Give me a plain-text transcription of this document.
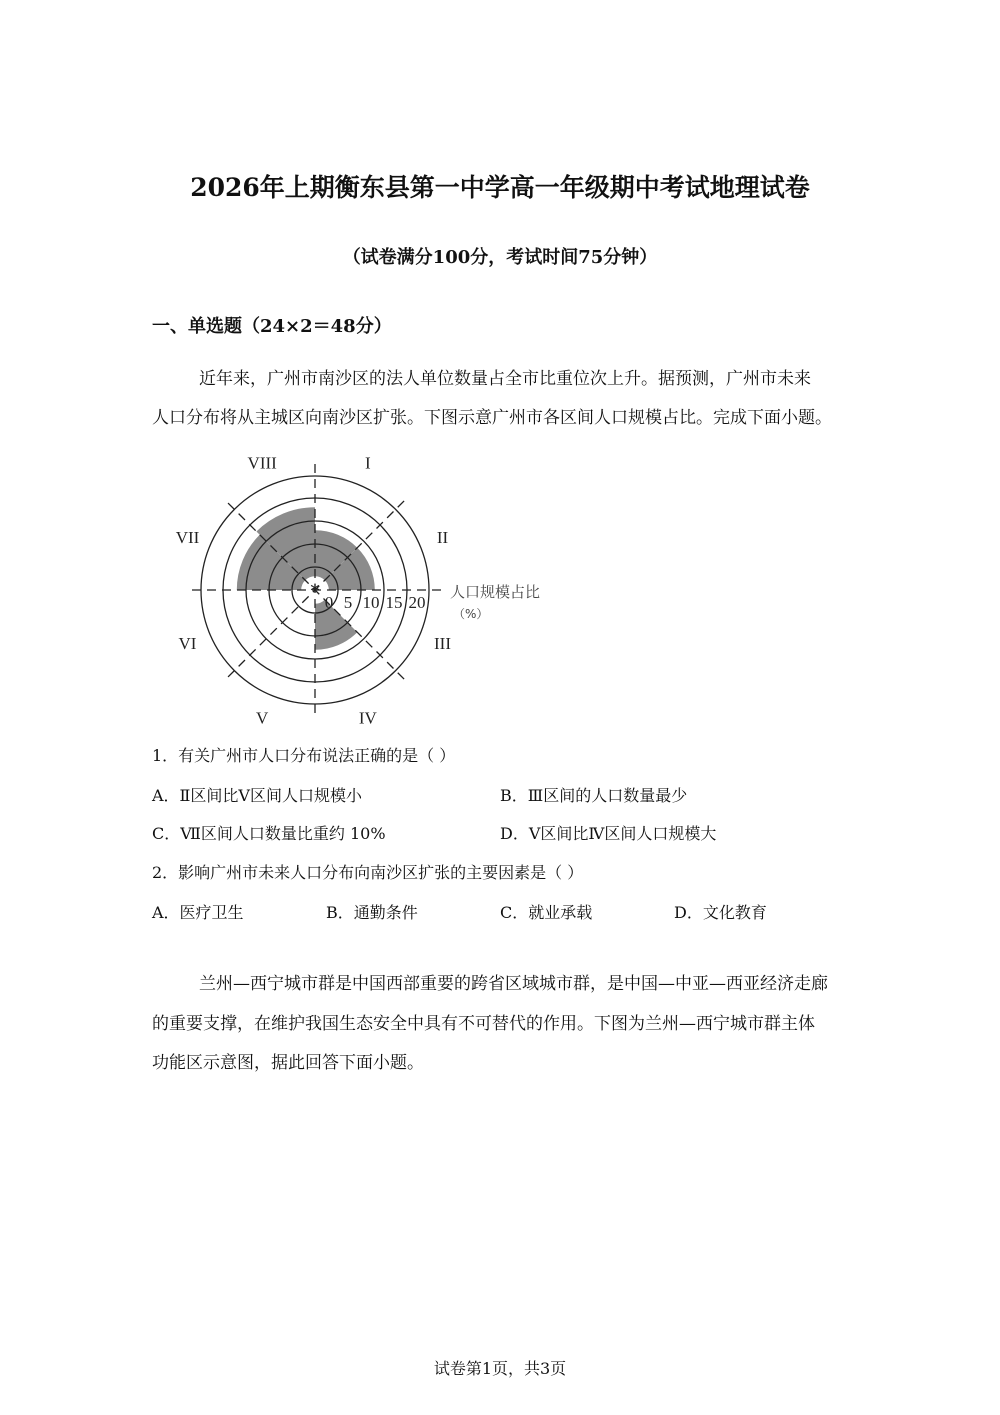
2026年上期衡东县第一中学高一年级期中考试地理试卷
（试卷满分100分，考试时间75分钟）
一、单选题（24×2＝48分）
近年来，广州市南沙区的法人单位数量占全市比重位次上升。据预测，广州市未来
人口分布将从主城区向南沙区扩张。下图示意广州市各区间人口规模占比。完成下面小题。
*
I
II
III
IV
V
VI
VII
VIII
0 5 10 15 20
人口规模占比
（%）
1．有关广州市人口分布说法正确的是（ ）
A．Ⅱ区间比Ⅴ区间人口规模小	B．Ⅲ区间的人口数量最少
C．Ⅶ区间人口数量比重约 10%	D．Ⅴ区间比Ⅳ区间人口规模大
2．影响广州市未来人口分布向南沙区扩张的主要因素是（ ）
A．医疗卫生	B．通勤条件	C．就业承载	D．文化教育
兰州—西宁城市群是中国西部重要的跨省区域城市群，是中国—中亚—西亚经济走廊
的重要支撑，在维护我国生态安全中具有不可替代的作用。下图为兰州—西宁城市群主体
功能区示意图，据此回答下面小题。
试卷第1页，共3页
